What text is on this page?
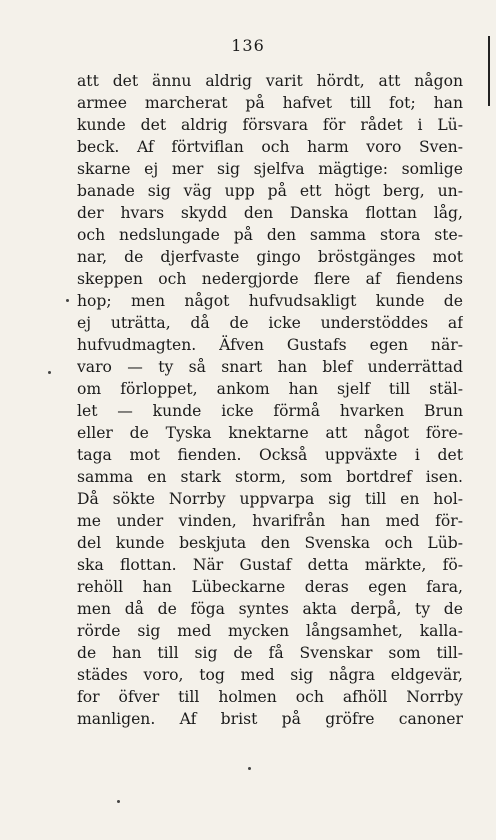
136
att det ännu aldrig varit hördt, att någon
armee marcherat på hafvet till fot; han
kunde det aldrig försvara för rådet i Lü-
beck. Af förtviflan och harm voro Sven-
skarne ej mer sig sjelfva mägtige: somlige
banade sig väg upp på ett högt berg, un-
der hvars skydd den Danska flottan låg,
och nedslungade på den samma stora ste-
nar, de djerfvaste gingo bröstgänges mot
skeppen och nedergjorde flere af fiendens
hop; men något hufvudsakligt kunde de
ej uträtta, då de icke understöddes af
hufvudmagten. Äfven Gustafs egen när-
varo — ty så snart han blef underrättad
om förloppet, ankom han sjelf till stäl-
let — kunde icke förmå hvarken Brun
eller de Tyska knektarne att något före-
taga mot fienden. Också uppväxte i det
samma en stark storm, som bortdref isen.
Då sökte Norrby uppvarpa sig till en hol-
me under vinden, hvarifrån han med för-
del kunde beskjuta den Svenska och Lüb-
ska flottan. När Gustaf detta märkte, fö-
rehöll han Lübeckarne deras egen fara,
men då de föga syntes akta derpå, ty de
rörde sig med mycken långsamhet, kalla-
de han till sig de få Svenskar som till-
städes voro, tog med sig några eldgevär,
for öfver till holmen och afhöll Norrby
manligen. Af brist på gröfre canoner
